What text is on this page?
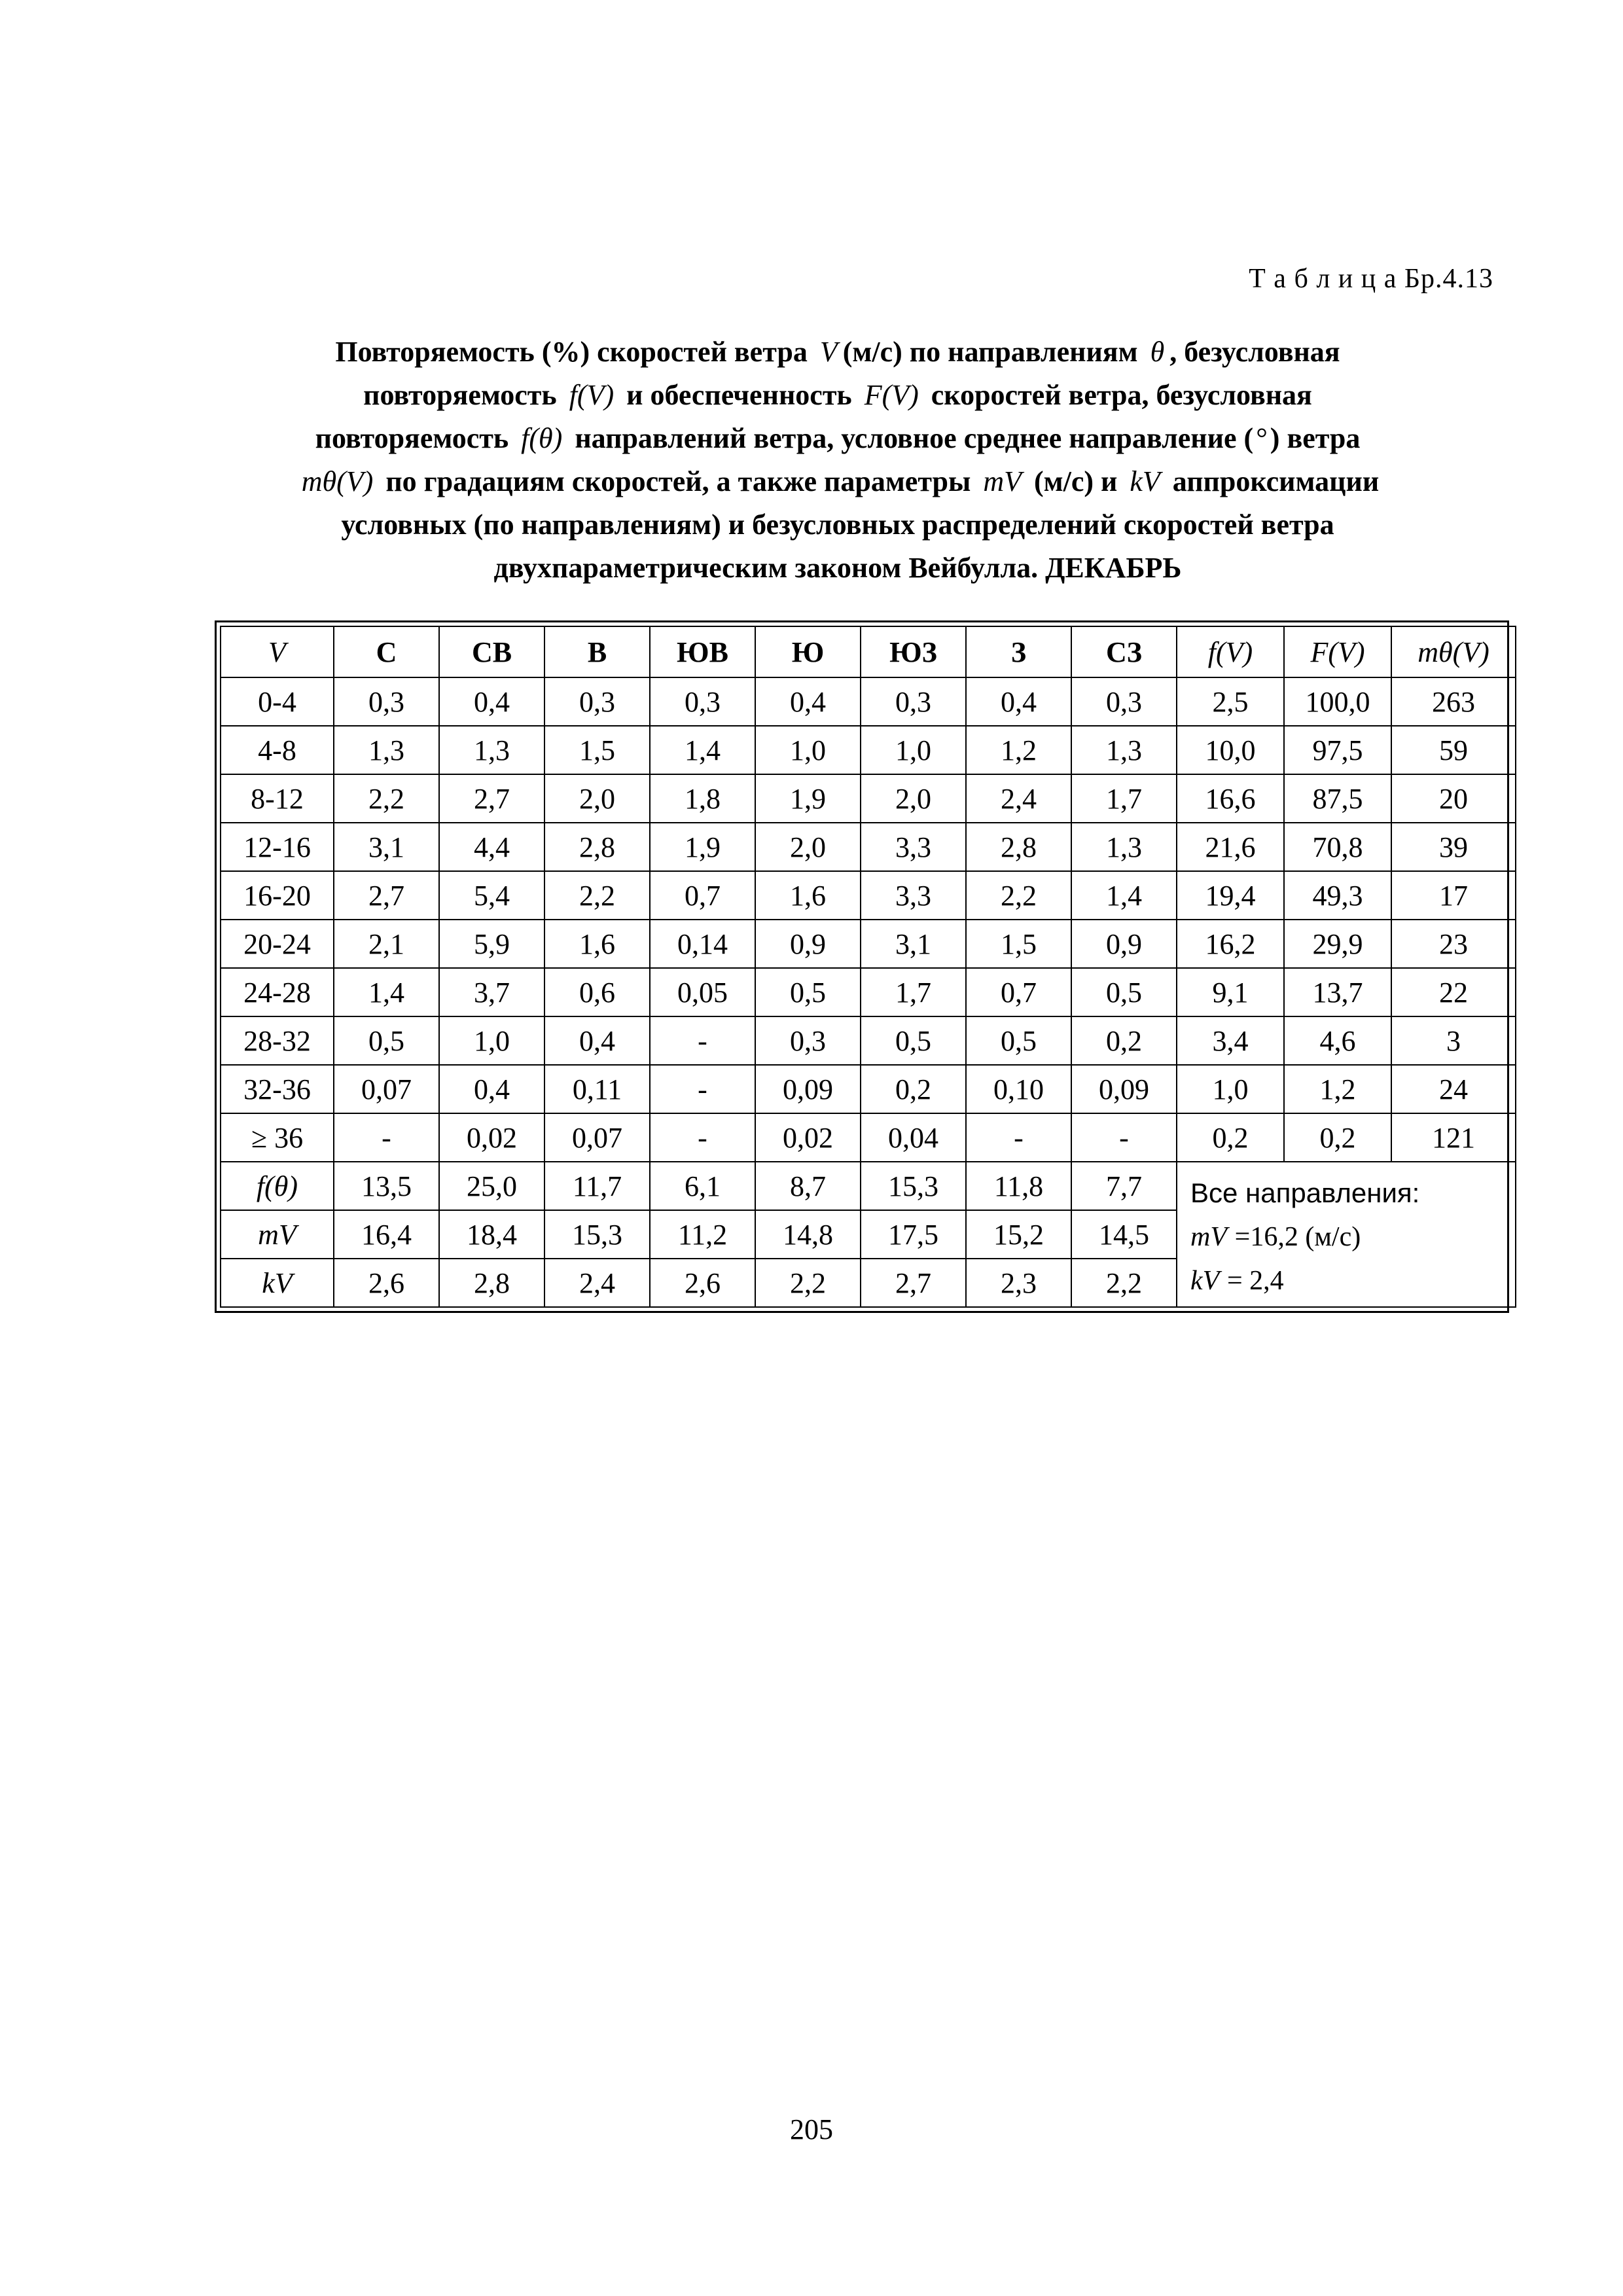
Т а б л и ц а Бр.4.13
Повторяемость (%) скоростей ветра V (м/с) по направлениям θ , безусловная
повторяемость f(V) и обеспеченность F(V) скоростей ветра, безусловная
повторяемость f(θ) направлений ветра, условное среднее направление (°) ветра
mθ(V) по градациям скоростей, а также параметры mV (м/с) и kV аппроксимации
условных (по направлениям) и безусловных распределений скоростей ветра
двухпараметрическим законом Вейбулла. ДЕКАБРЬ
V	С	СВ	В	ЮВ	Ю	ЮЗ	З	СЗ	f(V)	F(V)	mθ(V)
0-4	0,3	0,4	0,3	0,3	0,4	0,3	0,4	0,3	2,5	100,0	263
4-8	1,3	1,3	1,5	1,4	1,0	1,0	1,2	1,3	10,0	97,5	59
8-12	2,2	2,7	2,0	1,8	1,9	2,0	2,4	1,7	16,6	87,5	20
12-16	3,1	4,4	2,8	1,9	2,0	3,3	2,8	1,3	21,6	70,8	39
16-20	2,7	5,4	2,2	0,7	1,6	3,3	2,2	1,4	19,4	49,3	17
20-24	2,1	5,9	1,6	0,14	0,9	3,1	1,5	0,9	16,2	29,9	23
24-28	1,4	3,7	0,6	0,05	0,5	1,7	0,7	0,5	9,1	13,7	22
28-32	0,5	1,0	0,4	-	0,3	0,5	0,5	0,2	3,4	4,6	3
32-36	0,07	0,4	0,11	-	0,09	0,2	0,10	0,09	1,0	1,2	24
≥ 36	-	0,02	0,07	-	0,02	0,04	-	-	0,2	0,2	121
f(θ)	13,5	25,0	11,7	6,1	8,7	15,3	11,8	7,7	Все направления:
mV =16,2 (м/с)
kV = 2,4		

mV	16,4	18,4	15,3	11,2	14,8	17,5	15,2	14,5			
kV	2,6	2,8	2,4	2,6	2,2	2,7	2,3	2,2			
205
